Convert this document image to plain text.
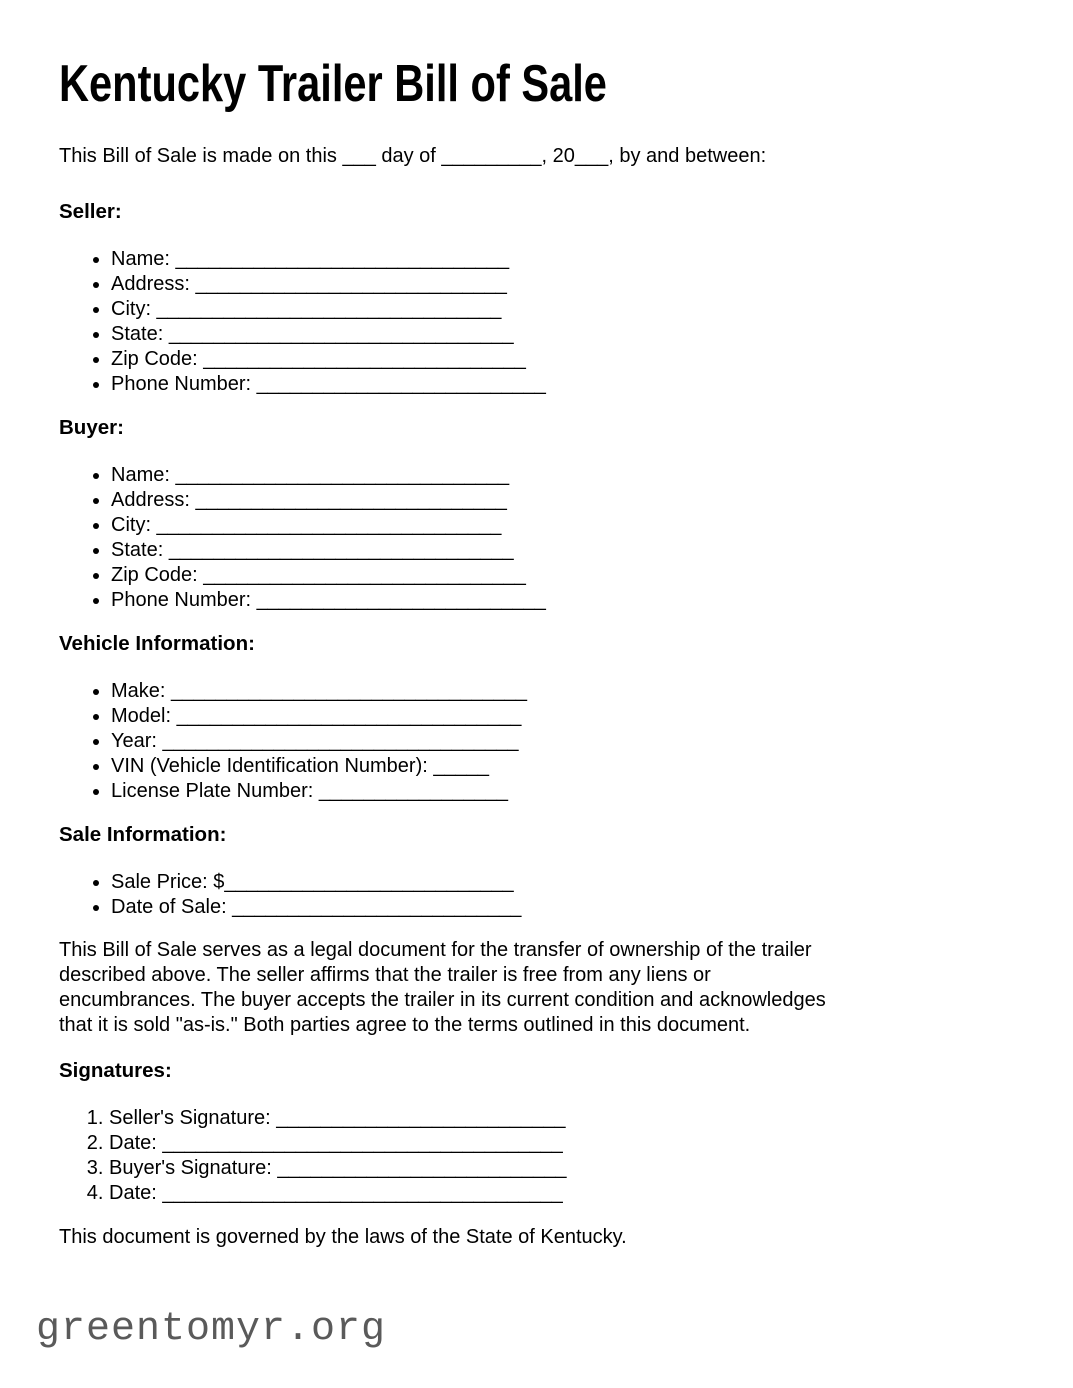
Kentucky Trailer Bill of Sale

This Bill of Sale is made on this ___ day of _________, 20___, by and between:

Seller:
• Name: ______________________________
• Address: ____________________________
• City: _______________________________
• State: _______________________________
• Zip Code: _____________________________
• Phone Number: __________________________
Buyer:
• Name: ______________________________
• Address: ____________________________
• City: _______________________________
• State: _______________________________
• Zip Code: _____________________________
• Phone Number: __________________________
Vehicle Information:
• Make: ________________________________
• Model: _______________________________
• Year: ________________________________
• VIN (Vehicle Identification Number): _____
• License Plate Number: _________________
Sale Information:
• Sale Price: $__________________________
• Date of Sale: __________________________
This Bill of Sale serves as a legal document for the transfer of ownership of the trailer
described above. The seller affirms that the trailer is free from any liens or
encumbrances. The buyer accepts the trailer in its current condition and acknowledges
that it is sold "as-is." Both parties agree to the terms outlined in this document.
Signatures:
1. Seller's Signature: __________________________
2. Date: ____________________________________
3. Buyer's Signature: __________________________
4. Date: ____________________________________

This document is governed by the laws of the State of Kentucky.

greentomyr.org
